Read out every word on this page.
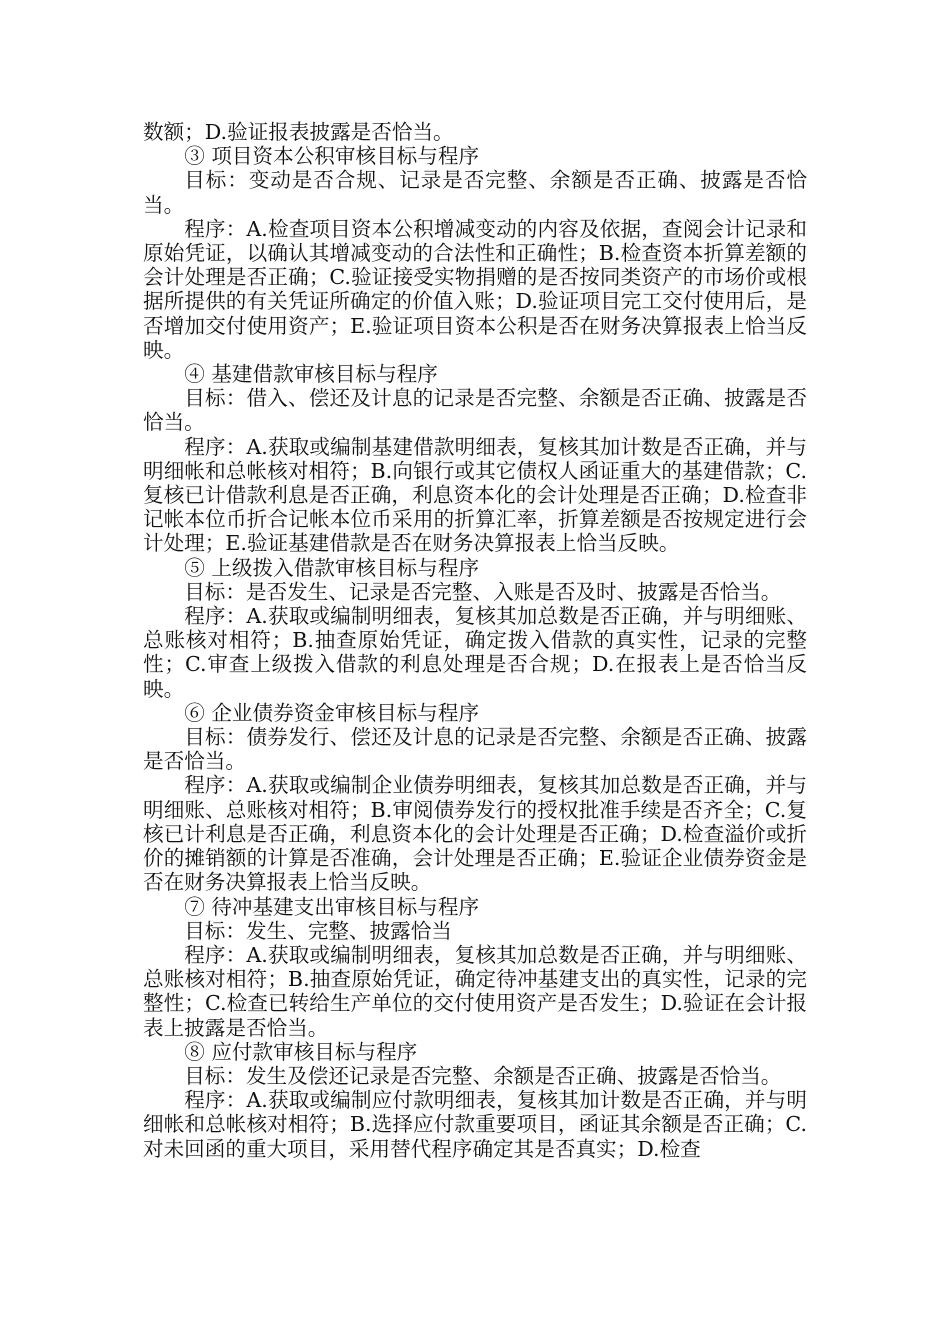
数额；D.验证报表披露是否恰当。

③ 项目资本公积审核目标与程序

目标：变动是否合规、记录是否完整、余额是否正确、披露是否恰当。

程序：A.检查项目资本公积增减变动的内容及依据，查阅会计记录和原始凭证，以确认其增减变动的合法性和正确性；B.检查资本折算差额的会计处理是否正确；C.验证接受实物捐赠的是否按同类资产的市场价或根据所提供的有关凭证所确定的价值入账；D.验证项目完工交付使用后，是否增加交付使用资产；E.验证项目资本公积是否在财务决算报表上恰当反映。

④ 基建借款审核目标与程序

目标：借入、偿还及计息的记录是否完整、余额是否正确、披露是否恰当。

程序：A.获取或编制基建借款明细表，复核其加计数是否正确，并与明细帐和总帐核对相符；B.向银行或其它债权人函证重大的基建借款；C.复核已计借款利息是否正确，利息资本化的会计处理是否正确；D.检查非记帐本位币折合记帐本位币采用的折算汇率，折算差额是否按规定进行会计处理；E.验证基建借款是否在财务决算报表上恰当反映。

⑤ 上级拨入借款审核目标与程序

目标：是否发生、记录是否完整、入账是否及时、披露是否恰当。

程序：A.获取或编制明细表，复核其加总数是否正确，并与明细账、总账核对相符；B.抽查原始凭证，确定拨入借款的真实性，记录的完整性；C.审查上级拨入借款的利息处理是否合规；D.在报表上是否恰当反映。

⑥ 企业债券资金审核目标与程序

目标：债券发行、偿还及计息的记录是否完整、余额是否正确、披露是否恰当。

程序：A.获取或编制企业债券明细表，复核其加总数是否正确，并与明细账、总账核对相符；B.审阅债券发行的授权批准手续是否齐全；C.复核已计利息是否正确，利息资本化的会计处理是否正确；D.检查溢价或折价的摊销额的计算是否准确，会计处理是否正确；E.验证企业债券资金是否在财务决算报表上恰当反映。

⑦ 待冲基建支出审核目标与程序

目标：发生、完整、披露恰当

程序：A.获取或编制明细表，复核其加总数是否正确，并与明细账、总账核对相符；B.抽查原始凭证，确定待冲基建支出的真实性，记录的完整性；C.检查已转给生产单位的交付使用资产是否发生；D.验证在会计报表上披露是否恰当。

⑧ 应付款审核目标与程序

目标：发生及偿还记录是否完整、余额是否正确、披露是否恰当。

程序：A.获取或编制应付款明细表，复核其加计数是否正确，并与明细帐和总帐核对相符；B.选择应付款重要项目，函证其余额是否正确；C.对未回函的重大项目，采用替代程序确定其是否真实；D.检查
